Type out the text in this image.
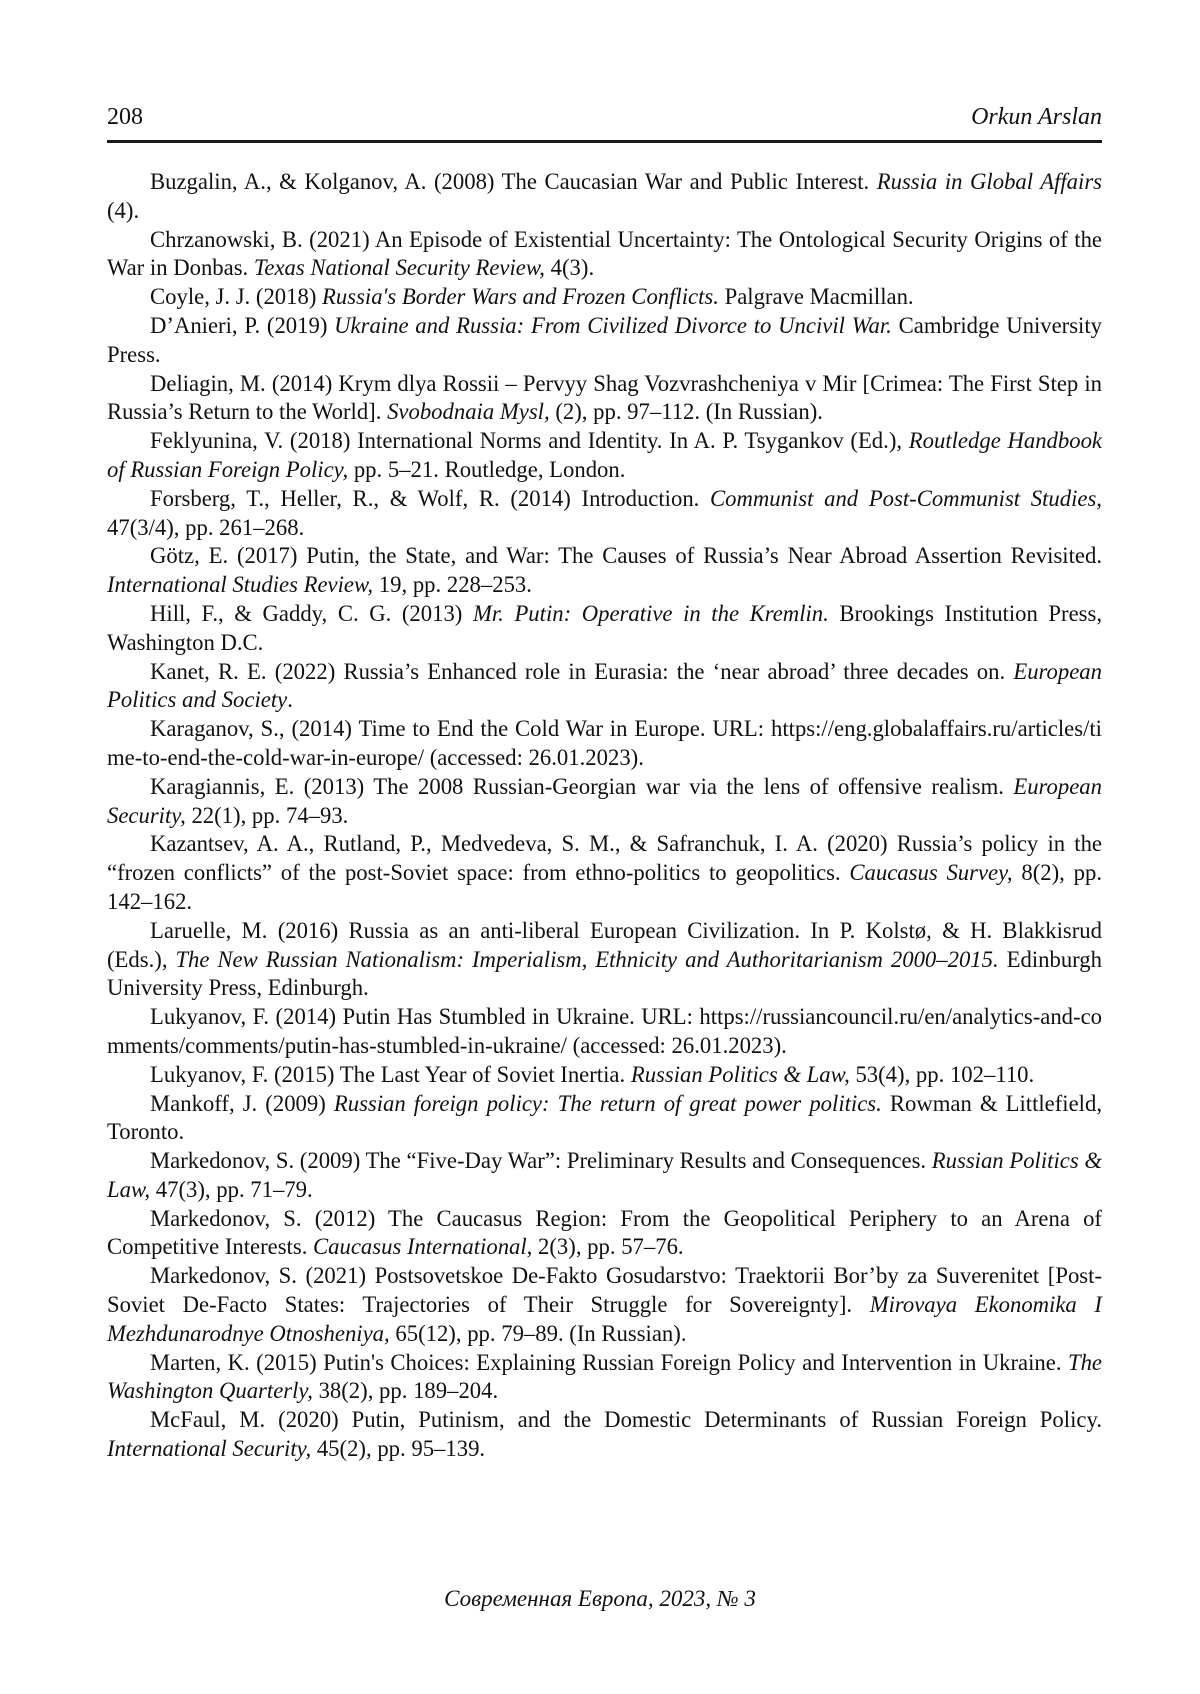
208	Orkun Arslan

Buzgalin, A., & Kolganov, A. (2008) The Caucasian War and Public Interest. Russia in Global Affairs (4).

Chrzanowski, B. (2021) An Episode of Existential Uncertainty: The Ontological Security Origins of the War in Donbas. Texas National Security Review, 4(3).

Coyle, J. J. (2018) Russia's Border Wars and Frozen Conflicts. Palgrave Macmillan.

D’Anieri, P. (2019) Ukraine and Russia: From Civilized Divorce to Uncivil War. Cambridge University Press.

Deliagin, M. (2014) Krym dlya Rossii – Pervyy Shag Vozvrashcheniya v Mir [Crimea: The First Step in Russia’s Return to the World]. Svobodnaia Mysl, (2), pp. 97–112. (In Russian).

Feklyunina, V. (2018) International Norms and Identity. In A. P. Tsygankov (Ed.), Routledge Handbook of Russian Foreign Policy, pp. 5–21. Routledge, London.

Forsberg, T., Heller, R., & Wolf, R. (2014) Introduction. Communist and Post-Communist Studies, 47(3/4), pp. 261–268.

Götz, E. (2017) Putin, the State, and War: The Causes of Russia’s Near Abroad Assertion Revisited. International Studies Review, 19, pp. 228–253.

Hill, F., & Gaddy, C. G. (2013) Mr. Putin: Operative in the Kremlin. Brookings Institution Press, Washington D.C.

Kanet, R. E. (2022) Russia’s Enhanced role in Eurasia: the ‘near abroad’ three decades on. European Politics and Society.

Karaganov, S., (2014) Time to End the Cold War in Europe. URL: https://eng.globalaffairs.ru/articles/time-to-end-the-cold-war-in-europe/ (accessed: 26.01.2023).

Karagiannis, E. (2013) The 2008 Russian-Georgian war via the lens of offensive realism. European Security, 22(1), pp. 74–93.

Kazantsev, A. A., Rutland, P., Medvedeva, S. M., & Safranchuk, I. A. (2020) Russia’s policy in the “frozen conflicts” of the post-Soviet space: from ethno-politics to geopolitics. Caucasus Survey, 8(2), pp. 142–162.

Laruelle, M. (2016) Russia as an anti-liberal European Civilization. In P. Kolstø, & H. Blakkisrud (Eds.), The New Russian Nationalism: Imperialism, Ethnicity and Authoritarianism 2000–2015. Edinburgh University Press, Edinburgh.

Lukyanov, F. (2014) Putin Has Stumbled in Ukraine. URL: https://russiancouncil.ru/en/analytics-and-comments/comments/putin-has-stumbled-in-ukraine/ (accessed: 26.01.2023).

Lukyanov, F. (2015) The Last Year of Soviet Inertia. Russian Politics & Law, 53(4), pp. 102–110.

Mankoff, J. (2009) Russian foreign policy: The return of great power politics. Rowman & Littlefield, Toronto.

Markedonov, S. (2009) The “Five-Day War”: Preliminary Results and Consequences. Russian Politics & Law, 47(3), pp. 71–79.

Markedonov, S. (2012) The Caucasus Region: From the Geopolitical Periphery to an Arena of Competitive Interests. Caucasus International, 2(3), pp. 57–76.

Markedonov, S. (2021) Postsovetskoe De-Fakto Gosudarstvo: Traektorii Bor’by za Suverenitet [Post-Soviet De-Facto States: Trajectories of Their Struggle for Sovereignty]. Mirovaya Ekonomika I Mezhdunarodnye Otnosheniya, 65(12), pp. 79–89. (In Russian).

Marten, K. (2015) Putin's Choices: Explaining Russian Foreign Policy and Intervention in Ukraine. The Washington Quarterly, 38(2), pp. 189–204.

McFaul, M. (2020) Putin, Putinism, and the Domestic Determinants of Russian Foreign Policy. International Security, 45(2), pp. 95–139.

Современная Европа, 2023, № 3
